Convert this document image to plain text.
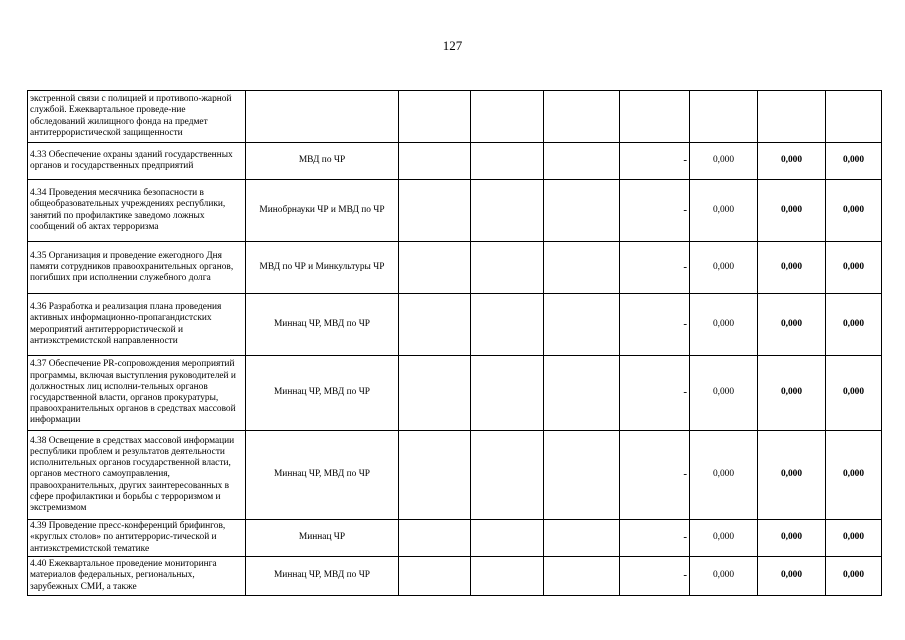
127
экстренной связи с полицией и противопо-жарной службой. Ежеквартальное проведе-ние обследований жилищного фонда на предмет антитеррористической защищенности								
4.33 Обеспечение охраны зданий государственных органов и государственных предприятий	МВД по ЧР				-	0,000	0,000	0,000
4.34 Проведения месячника безопасности в общеобразовательных учреждениях республики, занятий по профилактике заведомо ложных сообщений об актах терроризма	Минобрнауки ЧР и МВД по ЧР				-	0,000	0,000	0,000
4.35 Организация и проведение ежегодного Дня памяти сотрудников правоохранительных органов, погибших при исполнении служебного долга	МВД по ЧР и Минкультуры ЧР				-	0,000	0,000	0,000
4.36 Разработка и реализация плана проведения активных информационно-пропагандистских мероприятий антитеррористической и антиэкстремистской направленности	Миннац ЧР, МВД по ЧР				-	0,000	0,000	0,000
4.37 Обеспечение PR-сопровождения мероприятий программы, включая выступления руководителей и должностных лиц исполни-тельных органов государственной власти, органов прокуратуры, правоохранительных органов в средствах массовой информации	Миннац ЧР, МВД по ЧР				-	0,000	0,000	0,000
4.38 Освещение в средствах массовой информации республики проблем и результатов деятельности исполнительных органов государственной власти, органов местного самоуправления, правоохранительных, других заинтересованных в сфере профилактики и борьбы с терроризмом и экстремизмом	Миннац ЧР, МВД по ЧР				-	0,000	0,000	0,000
4.39 Проведение пресс-конференций брифингов, «круглых столов» по антитеррорис-тической и антиэкстремистской тематике	Миннац ЧР				-	0,000	0,000	0,000
4.40 Ежеквартальное проведение мониторинга материалов федеральных, региональных, зарубежных СМИ, а также	Миннац ЧР, МВД по ЧР				-	0,000	0,000	0,000
